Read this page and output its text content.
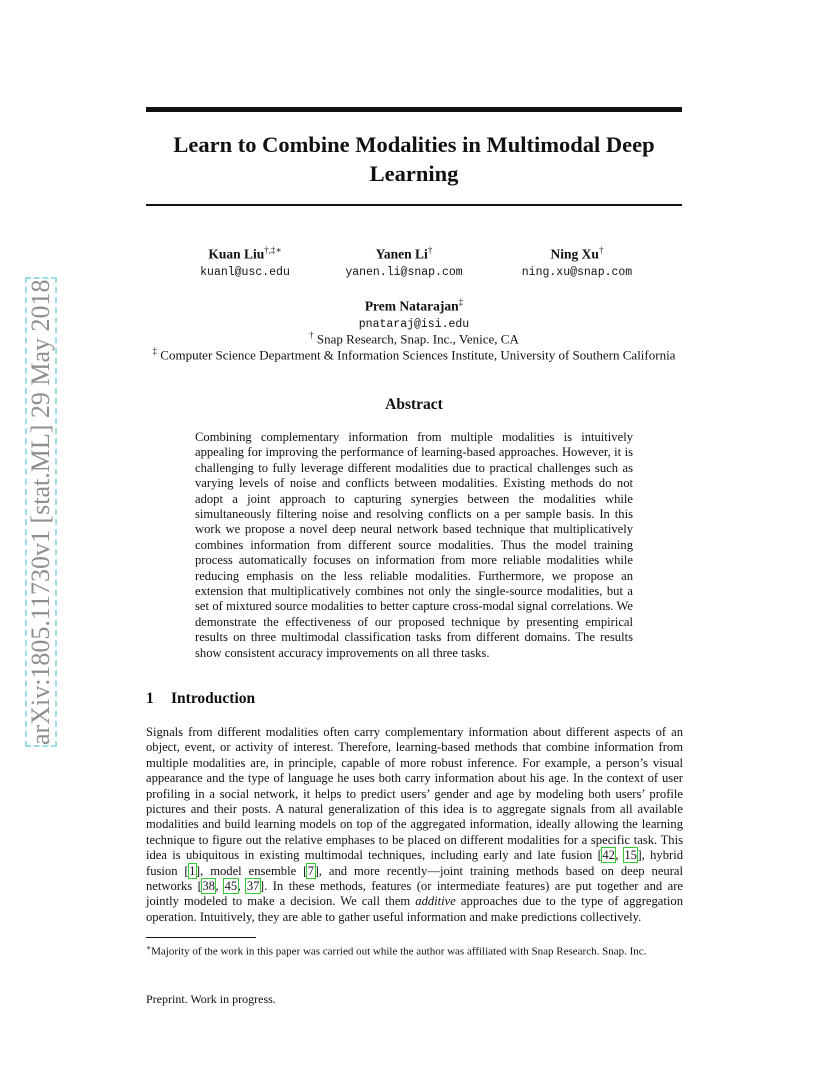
arXiv:1805.11730v1 [stat.ML] 29 May 2018
Learn to Combine Modalities in Multimodal Deep Learning
Kuan Liu†,‡∗
kuanl@usc.edu
Yanen Li†
yanen.li@snap.com
Ning Xu†
ning.xu@snap.com
Prem Natarajan‡
pnataraj@isi.edu
† Snap Research, Snap. Inc., Venice, CA
‡ Computer Science Department & Information Sciences Institute, University of Southern California
Abstract
Combining complementary information from multiple modalities is intuitively appealing for improving the performance of learning-based approaches. However, it is challenging to fully leverage different modalities due to practical challenges such as varying levels of noise and conflicts between modalities. Existing methods do not adopt a joint approach to capturing synergies between the modalities while simultaneously filtering noise and resolving conflicts on a per sample basis. In this work we propose a novel deep neural network based technique that multiplicatively combines information from different source modalities. Thus the model training process automatically focuses on information from more reliable modalities while reducing emphasis on the less reliable modalities. Furthermore, we propose an extension that multiplicatively combines not only the single-source modalities, but a set of mixtured source modalities to better capture cross-modal signal correlations. We demonstrate the effectiveness of our proposed technique by presenting empirical results on three multimodal classification tasks from different domains. The results show consistent accuracy improvements on all three tasks.
1 Introduction
Signals from different modalities often carry complementary information about different aspects of an object, event, or activity of interest. Therefore, learning-based methods that combine information from multiple modalities are, in principle, capable of more robust inference. For example, a person’s visual appearance and the type of language he uses both carry information about his age. In the context of user profiling in a social network, it helps to predict users’ gender and age by modeling both users’ profile pictures and their posts. A natural generalization of this idea is to aggregate signals from all available modalities and build learning models on top of the aggregated information, ideally allowing the learning technique to figure out the relative emphases to be placed on different modalities for a specific task. This idea is ubiquitous in existing multimodal techniques, including early and late fusion [42, 15], hybrid fusion [1], model ensemble [7], and more recently—joint training methods based on deep neural networks [38, 45, 37]. In these methods, features (or intermediate features) are put together and are jointly modeled to make a decision. We call them additive approaches due to the type of aggregation operation. Intuitively, they are able to gather useful information and make predictions collectively.
∗Majority of the work in this paper was carried out while the author was affiliated with Snap Research. Snap. Inc.
Preprint. Work in progress.
